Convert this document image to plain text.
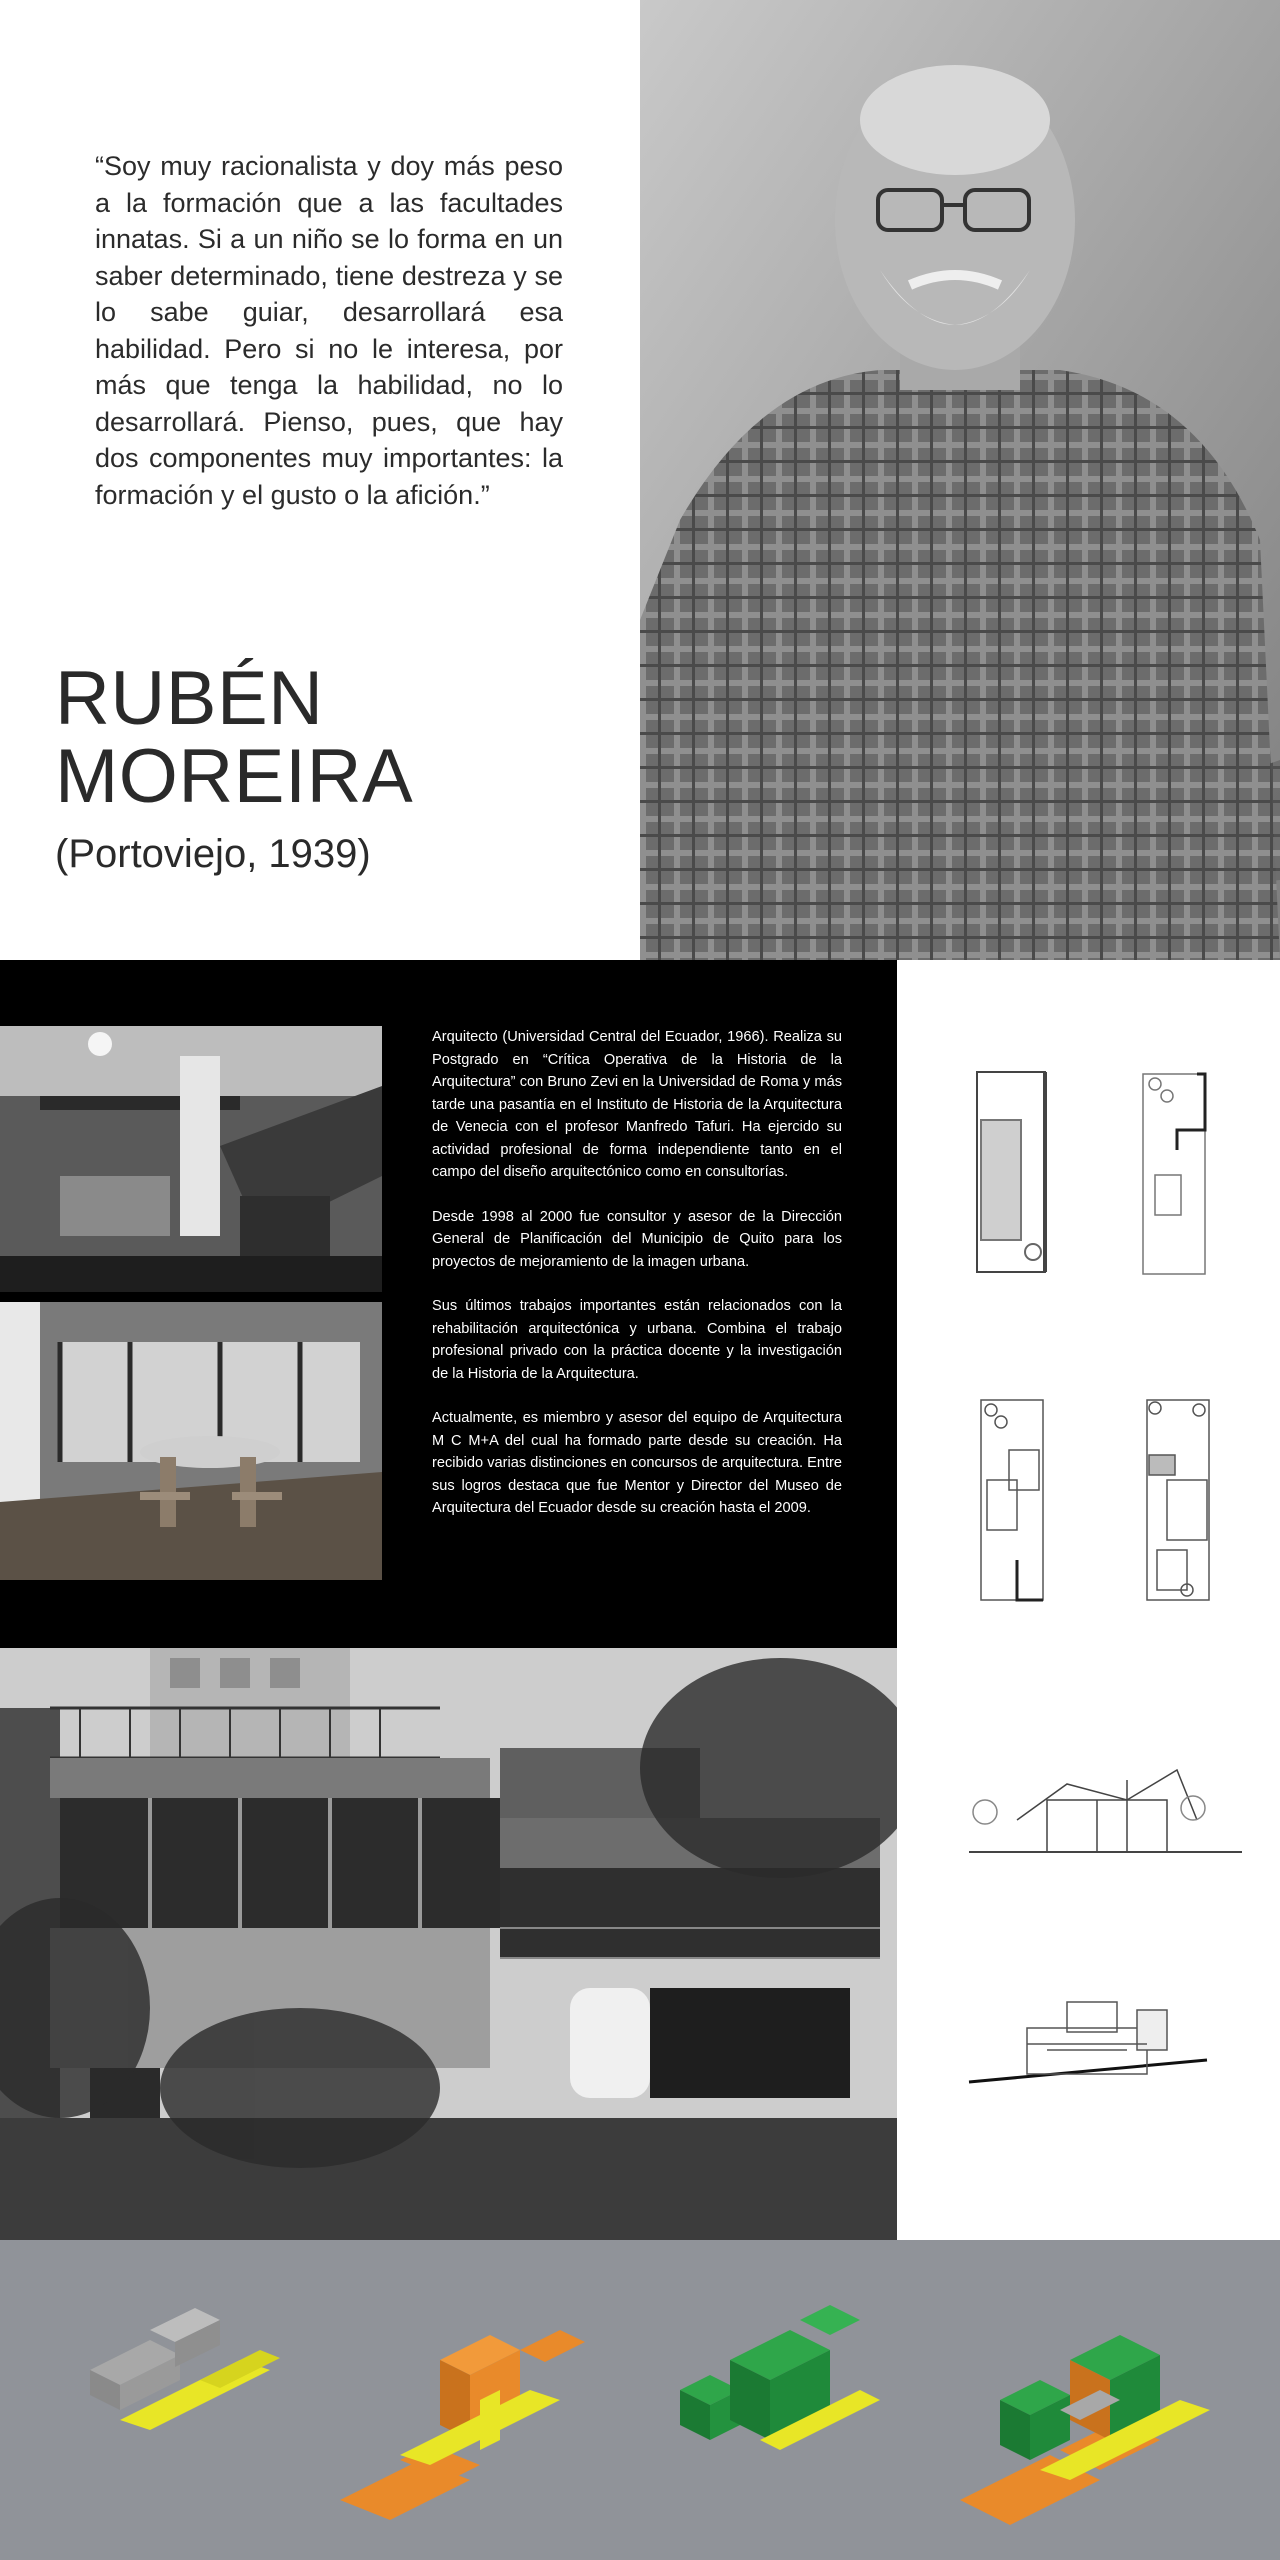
“Soy muy racionalista y doy más peso a la formación que a las facultades innatas. Si a un niño se lo forma en un saber determinado, tiene destreza y se lo sabe guiar, desarrollará esa habilidad. Pero si no le interesa, por más que tenga la habilidad, no lo desarrollará. Pienso, pues, que hay dos componentes muy importantes: la formación y el gusto o la afición.”
RUBÉN
MOREIRA
(Portoviejo, 1939)

Arquitecto (Universidad Central del Ecuador, 1966). Realiza su Postgrado en “Crítica Operativa de la Historia de la Arquitectura” con Bruno Zevi en la Universidad de Roma y más tarde una pasantía en el Instituto de Historia de la Arquitectura de Venecia con el profesor Manfredo Tafuri. Ha ejercido su actividad profesional de forma independiente tanto en el campo del diseño arquitectónico como en consultorías.

Desde 1998 al 2000 fue consultor y asesor de la Dirección General de Planificación del Municipio de Quito para los proyectos de mejoramiento de la imagen urbana.

Sus últimos trabajos importantes están relacionados con la rehabilitación arquitectónica y urbana. Combina el trabajo profesional privado con la práctica docente y la investigación de la Historia de la Arquitectura.

Actualmente, es miembro y asesor del equipo de Arquitectura M C M+A del cual ha formado parte desde su creación. Ha recibido varias distinciones en concursos de arquitectura. Entre sus logros destaca que fue Mentor y Director del Museo de Arquitectura del Ecuador desde su creación hasta el 2009.
